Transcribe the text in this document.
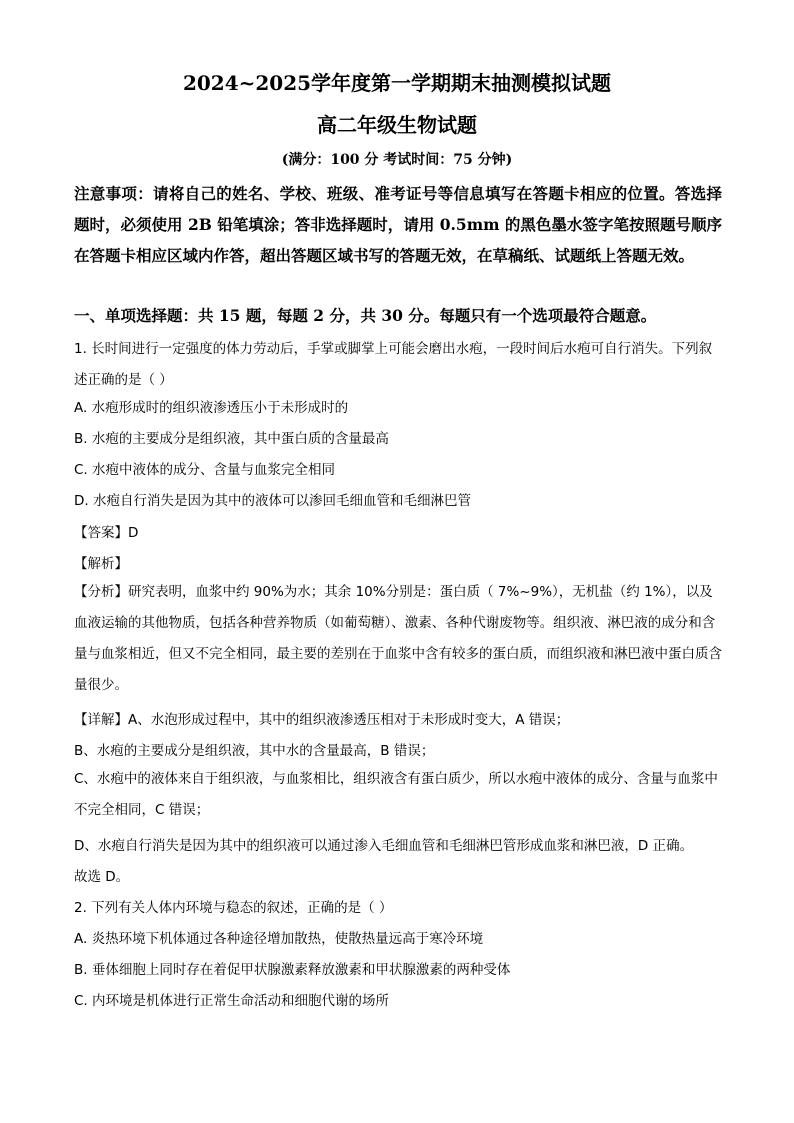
2024~2025学年度第一学期期末抽测模拟试题
高二年级生物试题
(满分：100 分 考试时间：75 分钟)
注意事项：请将自己的姓名、学校、班级、准考证号等信息填写在答题卡相应的位置。答选择题时，必须使用 2B 铅笔填涂；答非选择题时，请用 0.5mm 的黑色墨水签字笔按照题号顺序在答题卡相应区域内作答，超出答题区域书写的答题无效，在草稿纸、试题纸上答题无效。
一、单项选择题：共 15 题，每题 2 分，共 30 分。每题只有一个选项最符合题意。
1. 长时间进行一定强度的体力劳动后，手掌或脚掌上可能会磨出水疱，一段时间后水疱可自行消失。下列叙述正确的是（ ）
A. 水疱形成时的组织液渗透压小于未形成时的
B. 水疱的主要成分是组织液，其中蛋白质的含量最高
C. 水疱中液体的成分、含量与血浆完全相同
D. 水疱自行消失是因为其中的液体可以渗回毛细血管和毛细淋巴管
【答案】D
【解析】
【分析】研究表明，血浆中约 90%为水；其余 10%分别是：蛋白质（ 7%~9%），无机盐（约 1%），以及血液运输的其他物质，包括各种营养物质（如葡萄糖）、激素、各种代谢废物等。组织液、淋巴液的成分和含量与血浆相近，但又不完全相同，最主要的差别在于血浆中含有较多的蛋白质，而组织液和淋巴液中蛋白质含量很少。
【详解】A、水泡形成过程中，其中的组织液渗透压相对于未形成时变大，A 错误；
B、水疱的主要成分是组织液，其中水的含量最高，B 错误；
C、水疱中的液体来自于组织液，与血浆相比，组织液含有蛋白质少，所以水疱中液体的成分、含量与血浆中不完全相同，C 错误；
D、水疱自行消失是因为其中的组织液可以通过渗入毛细血管和毛细淋巴管形成血浆和淋巴液，D 正确。
故选 D。
2. 下列有关人体内环境与稳态的叙述，正确的是（ ）
A. 炎热环境下机体通过各种途径增加散热，使散热量远高于寒冷环境
B. 垂体细胞上同时存在着促甲状腺激素释放激素和甲状腺激素的两种受体
C. 内环境是机体进行正常生命活动和细胞代谢的场所
